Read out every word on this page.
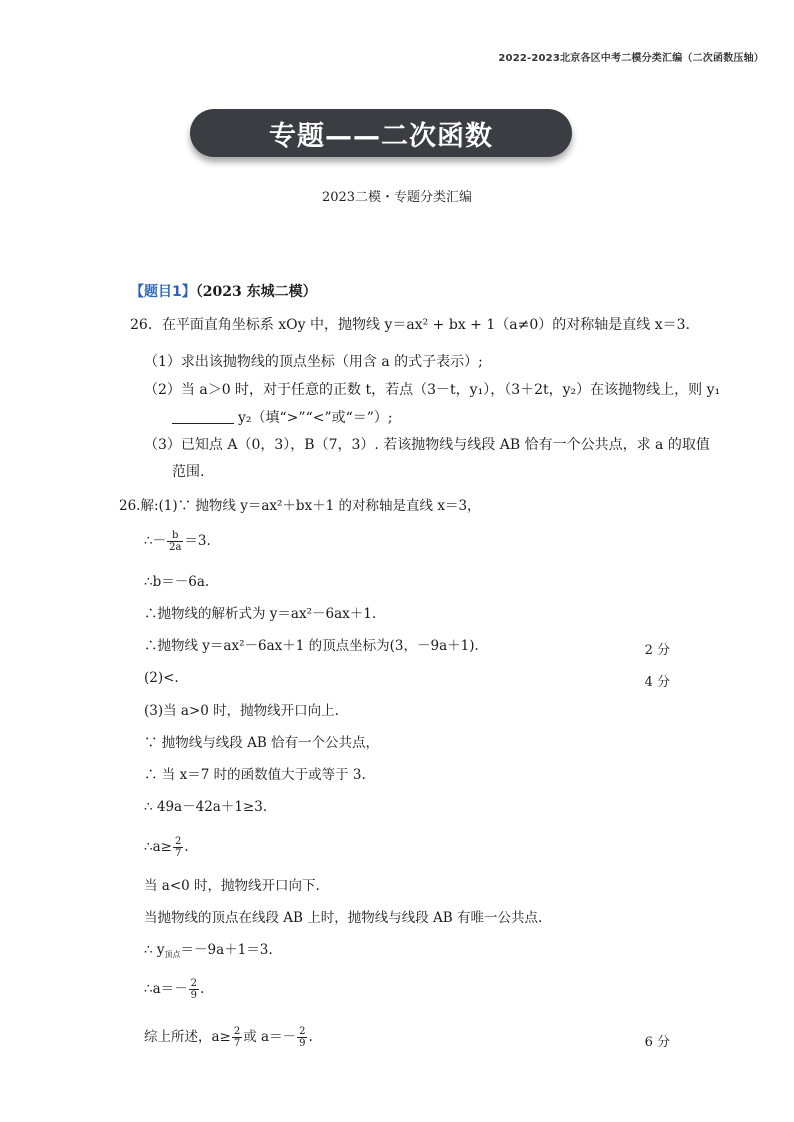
2022-2023北京各区中考二模分类汇编（二次函数压轴）
专题——二次函数
2023二模・专题分类汇编
【题目1】（2023 东城二模）
26．在平面直角坐标系 xOy 中，抛物线 y＝ax² + bx + 1（a≠0）的对称轴是直线 x＝3.
（1）求出该抛物线的顶点坐标（用含 a 的式子表示）;
（2）当 a＞0 时，对于任意的正数 t，若点（3－t，y₁），（3＋2t，y₂）在该抛物线上，则 y₁
y₂（填“>”“<”或“＝”）;
（3）已知点 A（0，3），B（7，3）. 若该抛物线与线段 AB 恰有一个公共点，求 a 的取值
范围.
26.解:(1)∵ 抛物线 y＝ax²＋bx＋1 的对称轴是直线 x＝3，
∴－ $\frac{b}{2a} =3$.
∴b＝－6a.
∴抛物线的解析式为 y＝ax²－6ax＋1.
∴抛物线 y＝ax²－6ax＋1 的顶点坐标为(3，－9a＋1).	2 分
(2)<.	4 分
(3)当 a>0 时，抛物线开口向上.
∵ 抛物线与线段 AB 恰有一个公共点，
∴ 当 x＝7 时的函数值大于或等于 3.
∴ 49a－42a＋1≥3.
∴a≥ $\frac{2}{7}$ .
当 a<0 时，抛物线开口向下.
当抛物线的顶点在线段 AB 上时，抛物线与线段 AB 有唯一公共点.
∴ $y_{顶点}=-9a+1=3$.
∴a＝－ $\frac{2}{9}$ .
综上所述，$a\ge \frac{2}{7}$ 或 $a=- \frac{2}{9}$ .	6 分
